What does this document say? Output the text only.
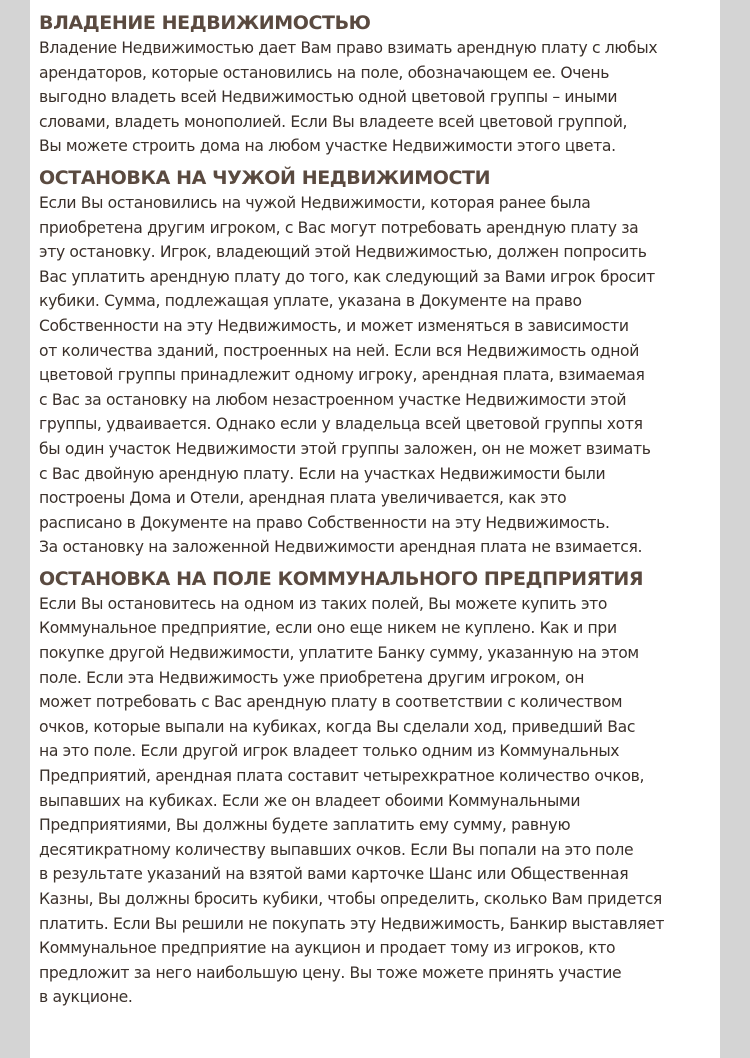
ВЛАДЕНИЕ НЕДВИЖИМОСТЬЮ
Владение Недвижимостью дает Вам право взимать арендную плату с любых
арендаторов, которые остановились на поле, обозначающем ее. Очень
выгодно владеть всей Недвижимостью одной цветовой группы – иными
словами, владеть монополией. Если Вы владеете всей цветовой группой,
Вы можете строить дома на любом участке Недвижимости этого цвета.
ОСТАНОВКА НА ЧУЖОЙ НЕДВИЖИМОСТИ
Если Вы остановились на чужой Недвижимости, которая ранее была
приобретена другим игроком, с Вас могут потребовать арендную плату за
эту остановку. Игрок, владеющий этой Недвижимостью, должен попросить
Вас уплатить арендную плату до того, как следующий за Вами игрок бросит
кубики. Сумма, подлежащая уплате, указана в Документе на право
Собственности на эту Недвижимость, и может изменяться в зависимости
от количества зданий, построенных на ней. Если вся Недвижимость одной
цветовой группы принадлежит одному игроку, арендная плата, взимаемая
с Вас за остановку на любом незастроенном участке Недвижимости этой
группы, удваивается. Однако если у владельца всей цветовой группы хотя
бы один участок Недвижимости этой группы заложен, он не может взимать
с Вас двойную арендную плату. Если на участках Недвижимости были
построены Дома и Отели, арендная плата увеличивается, как это
расписано в Документе на право Собственности на эту Недвижимость.
За остановку на заложенной Недвижимости арендная плата не взимается.
ОСТАНОВКА НА ПОЛЕ КОММУНАЛЬНОГО ПРЕДПРИЯТИЯ
Если Вы остановитесь на одном из таких полей, Вы можете купить это
Коммунальное предприятие, если оно еще никем не куплено. Как и при
покупке другой Недвижимости, уплатите Банку сумму, указанную на этом
поле. Если эта Недвижимость уже приобретена другим игроком, он
может потребовать с Вас арендную плату в соответствии с количеством
очков, которые выпали на кубиках, когда Вы сделали ход, приведший Вас
на это поле. Если другой игрок владеет только одним из Коммунальных
Предприятий, арендная плата составит четырехкратное количество очков,
выпавших на кубиках. Если же он владеет обоими Коммунальными
Предприятиями, Вы должны будете заплатить ему сумму, равную
десятикратному количеству выпавших очков. Если Вы попали на это поле
в результате указаний на взятой вами карточке Шанс или Общественная
Казны, Вы должны бросить кубики, чтобы определить, сколько Вам придется
платить. Если Вы решили не покупать эту Недвижимость, Банкир выставляет
Коммунальное предприятие на аукцион и продает тому из игроков, кто
предложит за него наибольшую цену. Вы тоже можете принять участие
в аукционе.
